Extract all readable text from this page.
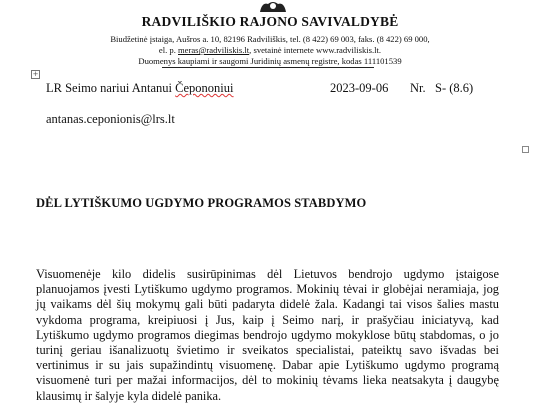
RADVILIŠKIO RAJONO SAVIVALDYBĖ
Biudžetinė įstaiga, Aušros a. 10, 82196 Radviliškis, tel. (8 422) 69 003, faks. (8 422) 69 000,
el. p. meras@radviliskis.lt, svetainė internete www.radviliskis.lt.
Duomenys kaupiami ir saugomi Juridinių asmenų registre, kodas 111101539
+
LR Seimo nariui Antanui Čepononiui	2023-09-06 Nr. S- (8.6)
antanas.ceponionis@lrs.lt
DĖL LYTIŠKUMO UGDYMO PROGRAMOS STABDYMO
Visuomenėje kilo didelis susirūpinimas dėl Lietuvos bendrojo ugdymo įstaigose planuojamos įvesti Lytiškumo ugdymo programos. Mokinių tėvai ir globėjai neramiaja, jog jų vaikams dėl šių mokymų gali būti padaryta didelė žala. Kadangi tai visos šalies mastu vykdoma programa, kreipiuosi į Jus, kaip į Seimo narį, ir prašyčiau iniciatyvą, kad Lytiškumo ugdymo programos diegimas bendrojo ugdymo mokyklose būtų stabdomas, o jo turinį geriau išanalizuotų švietimo ir sveikatos specialistai, pateiktų savo išvadas bei vertinimus ir su jais supažindintų visuomenę. Dabar apie Lytiškumo ugdymo programą visuomenė turi per mažai informacijos, dėl to mokinių tėvams lieka neatsakyta į daugybę klausimų ir šalyje kyla didelė panika.
